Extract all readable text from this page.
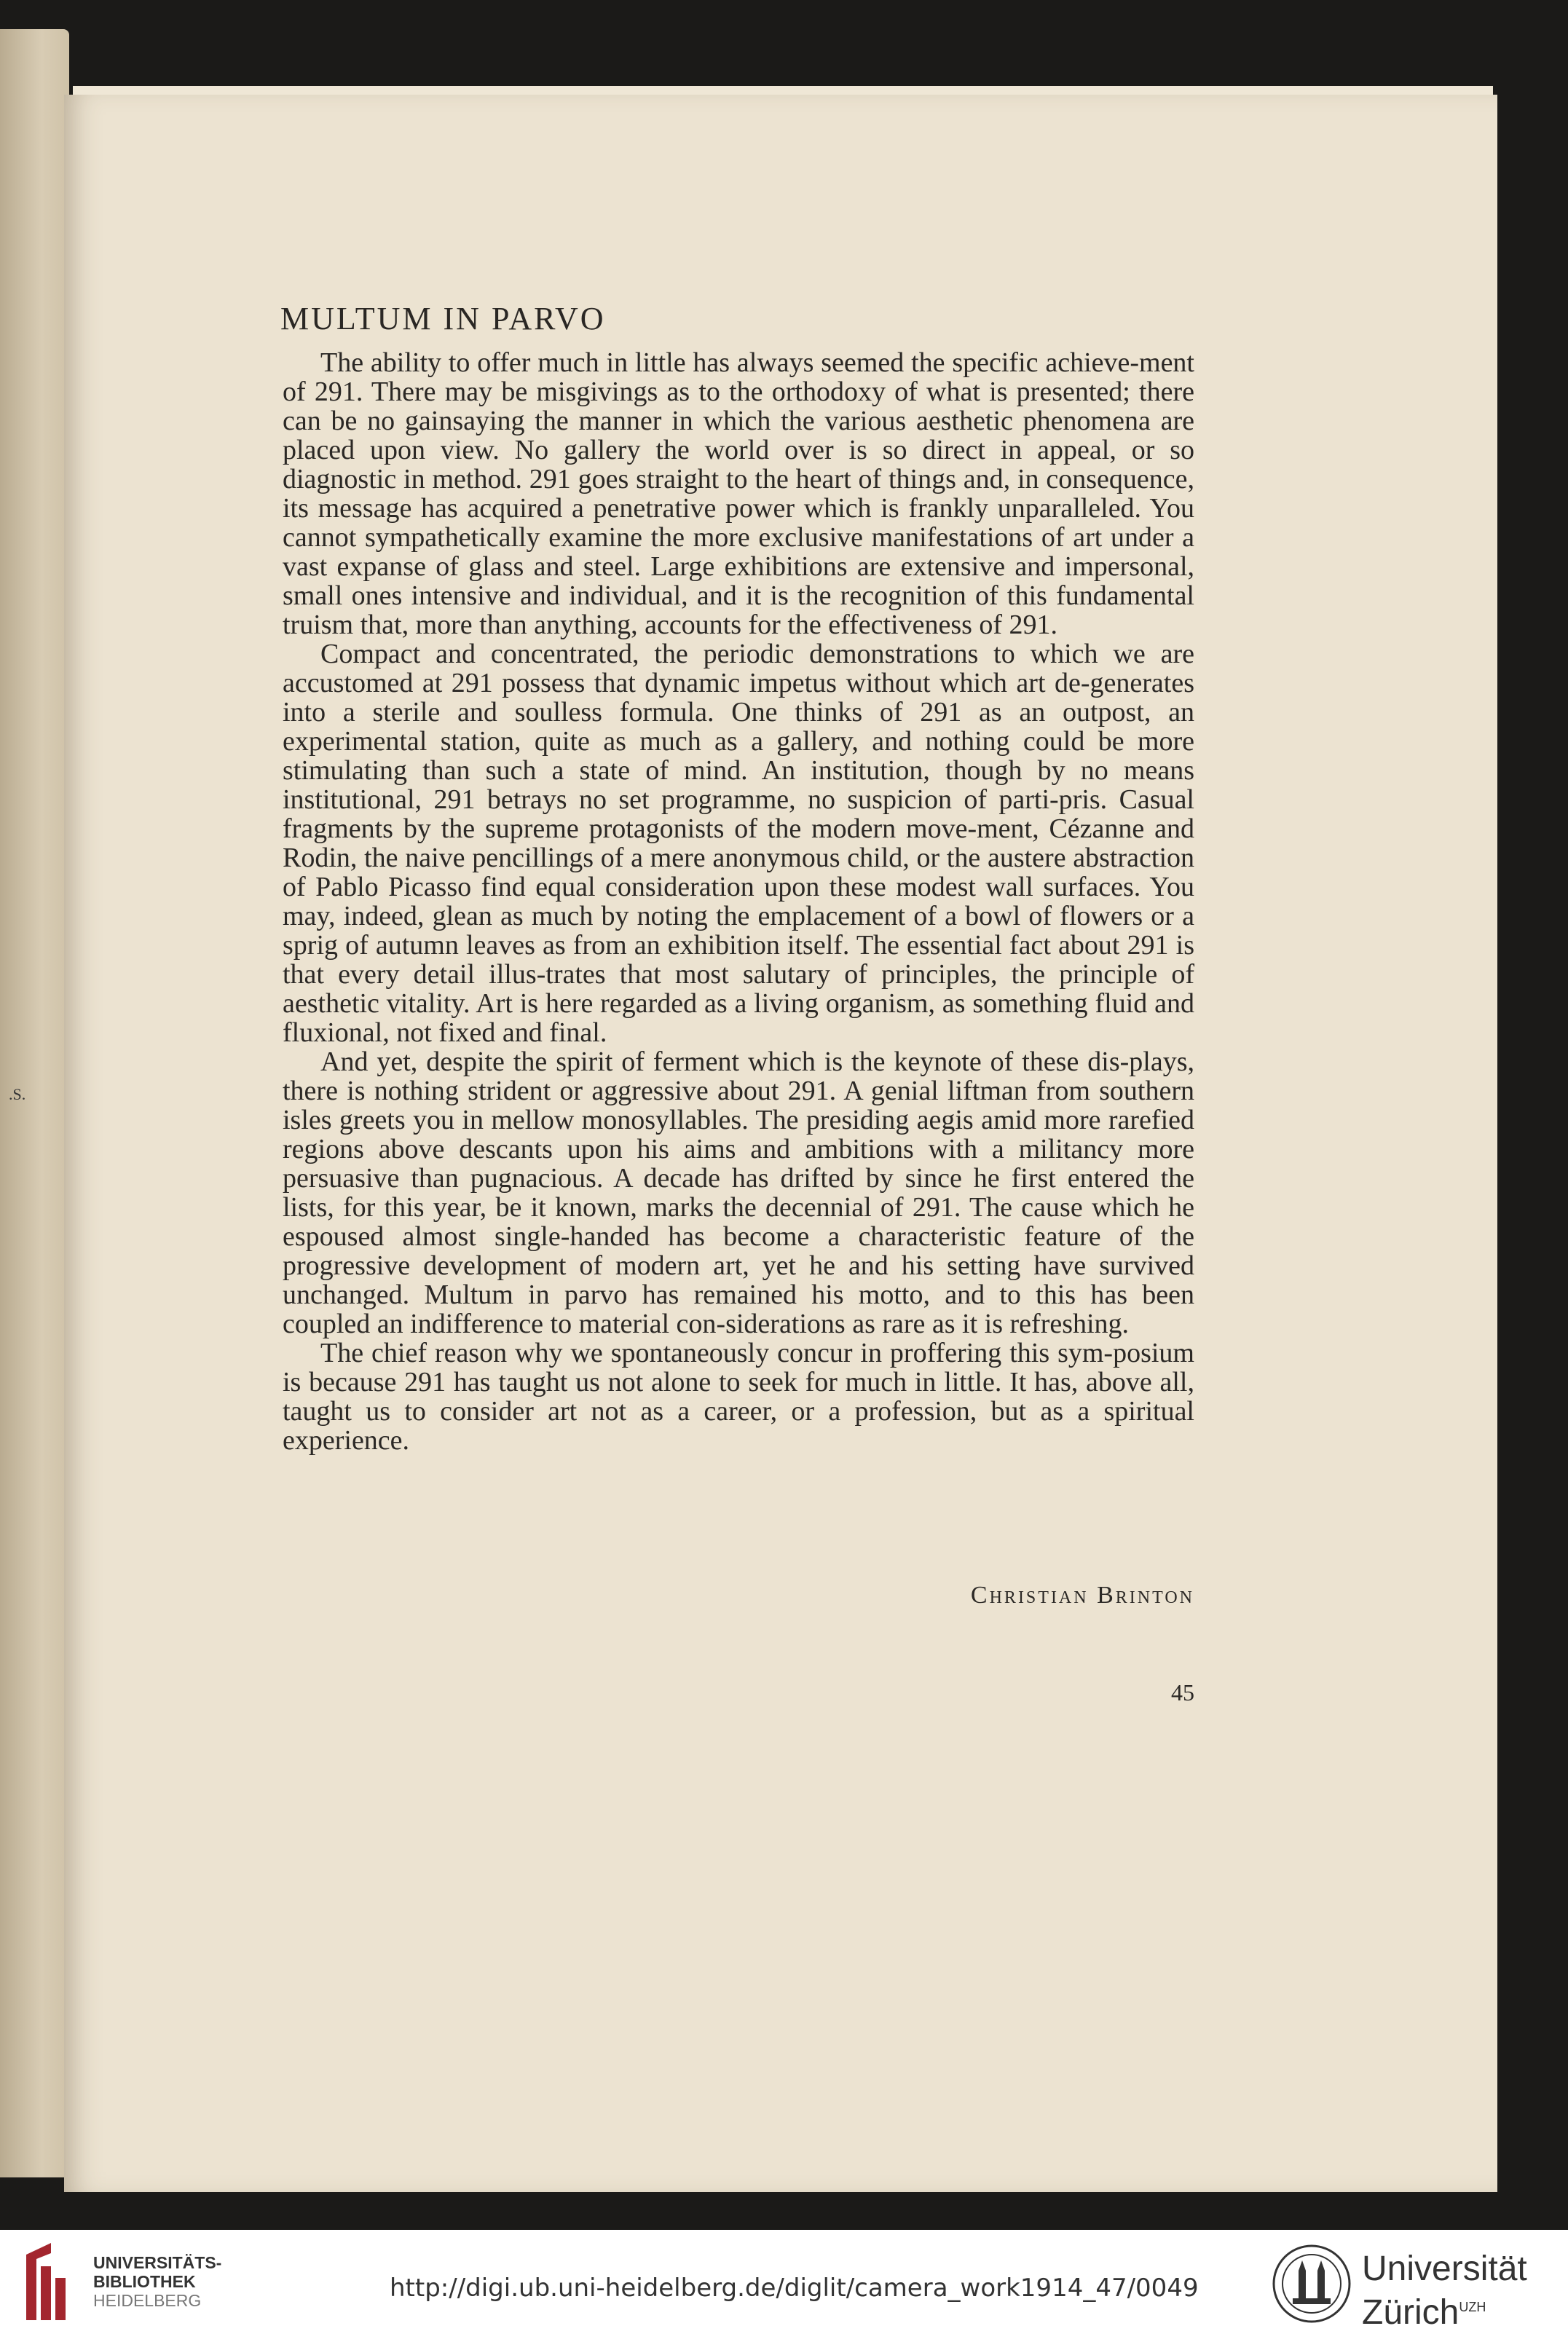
.S.
MULTUM IN PARVO

The ability to offer much in little has always seemed the specific achieve-ment of 291. There may be misgivings as to the orthodoxy of what is presented; there can be no gainsaying the manner in which the various aesthetic phenomena are placed upon view. No gallery the world over is so direct in appeal, or so diagnostic in method. 291 goes straight to the heart of things and, in consequence, its message has acquired a penetrative power which is frankly unparalleled. You cannot sympathetically examine the more exclusive manifestations of art under a vast expanse of glass and steel. Large exhibitions are extensive and impersonal, small ones intensive and individual, and it is the recognition of this fundamental truism that, more than anything, accounts for the effectiveness of 291.

Compact and concentrated, the periodic demonstrations to which we are accustomed at 291 possess that dynamic impetus without which art de-generates into a sterile and soulless formula. One thinks of 291 as an outpost, an experimental station, quite as much as a gallery, and nothing could be more stimulating than such a state of mind. An institution, though by no means institutional, 291 betrays no set programme, no suspicion of parti-pris. Casual fragments by the supreme protagonists of the modern move-ment, Cézanne and Rodin, the naive pencillings of a mere anonymous child, or the austere abstraction of Pablo Picasso find equal consideration upon these modest wall surfaces. You may, indeed, glean as much by noting the emplacement of a bowl of flowers or a sprig of autumn leaves as from an exhibition itself. The essential fact about 291 is that every detail illus-trates that most salutary of principles, the principle of aesthetic vitality. Art is here regarded as a living organism, as something fluid and fluxional, not fixed and final.

And yet, despite the spirit of ferment which is the keynote of these dis-plays, there is nothing strident or aggressive about 291. A genial liftman from southern isles greets you in mellow monosyllables. The presiding aegis amid more rarefied regions above descants upon his aims and ambitions with a militancy more persuasive than pugnacious. A decade has drifted by since he first entered the lists, for this year, be it known, marks the decennial of 291. The cause which he espoused almost single-handed has become a characteristic feature of the progressive development of modern art, yet he and his setting have survived unchanged. Multum in parvo has remained his motto, and to this has been coupled an indifference to material con-siderations as rare as it is refreshing.

The chief reason why we spontaneously concur in proffering this sym-posium is because 291 has taught us not alone to seek for much in little. It has, above all, taught us to consider art not as a career, or a profession, but as a spiritual experience.

Christian Brinton
45
UNIVERSITÄTS-
BIBLIOTHEK
HEIDELBERG	http://digi.ub.uni-heidelberg.de/diglit/camera_work1914_47/0049	Universität
Zürich$^{UZH}$
